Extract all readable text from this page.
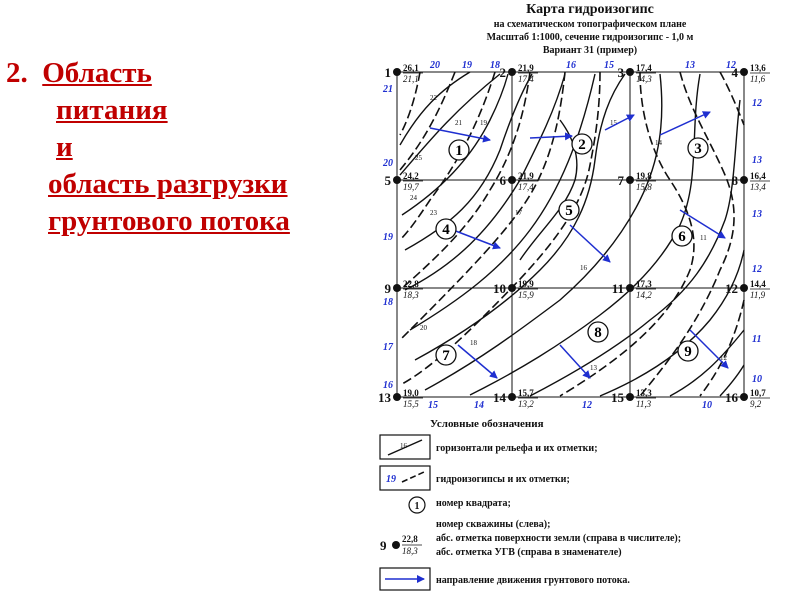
2. Область
питания
и
область разгрузки
грунтового потока
Карта гидроизогипс
на схематическом топографическом плане
Масштаб 1:1000, сечение гидроизогипс - 1,0 м
Вариант 31 (пример)
22
21	19	15
23	17
14
16
20
18
11
12
13
24
25 1	2	3
4
5
6
7
8
9
20 19 18	16	15	13	12
21
20
19
18
17
16
12
13
13
12
11
10
15	14	12	10
1 26,1
21,1	2 21,9
17,4	3 17,4
14,3	4 13,6
11,6
5 24,2
19,7	6 21,9
17,4	7 19,8
15,8	8 16,4
13,4
9 22,8
18,3	10 19,9
15,9	11 17,3
14,2	12 14,4
11,9
13 19,0
15,5	14 15,7
13,2	15 13,3
11,3	16 10,7
9,2
Условные обозначения
16	горизонтали рельефа и их отметки;
19	гидроизогипсы и их отметки;
1 номер квадрата;
9 22,8
18,3
номер скважины (слева);
абс. отметка поверхности земли (справа в числителе);
абс. отметка УГВ (справа в знаменателе)
направление движения грунтового потока.
